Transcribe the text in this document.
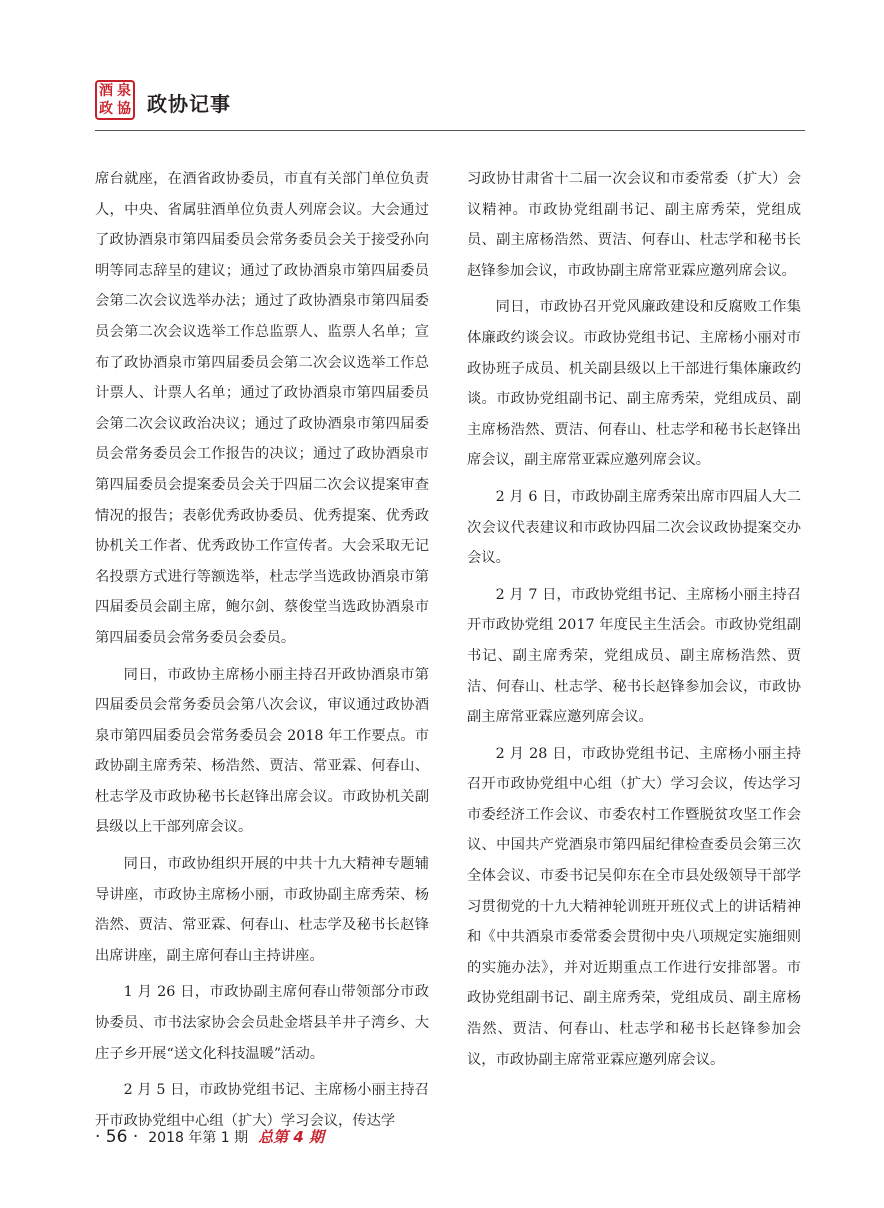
酒 泉
政 協 政协记事

席台就座，在酒省政协委员，市直有关部门单位负责人，中央、省属驻酒单位负责人列席会议。大会通过了政协酒泉市第四届委员会常务委员会关于接受孙向明等同志辞呈的建议；通过了政协酒泉市第四届委员会第二次会议选举办法；通过了政协酒泉市第四届委员会第二次会议选举工作总监票人、监票人名单；宣布了政协酒泉市第四届委员会第二次会议选举工作总计票人、计票人名单；通过了政协酒泉市第四届委员会第二次会议政治决议；通过了政协酒泉市第四届委员会常务委员会工作报告的决议；通过了政协酒泉市第四届委员会提案委员会关于四届二次会议提案审查情况的报告；表彰优秀政协委员、优秀提案、优秀政协机关工作者、优秀政协工作宣传者。大会采取无记名投票方式进行等额选举，杜志学当选政协酒泉市第四届委员会副主席，鲍尔剑、蔡俊堂当选政协酒泉市第四届委员会常务委员会委员。

同日，市政协主席杨小丽主持召开政协酒泉市第四届委员会常务委员会第八次会议，审议通过政协酒泉市第四届委员会常务委员会 2018 年工作要点。市政协副主席秀荣、杨浩然、贾洁、常亚霖、何春山、杜志学及市政协秘书长赵锋出席会议。市政协机关副县级以上干部列席会议。

同日，市政协组织开展的中共十九大精神专题辅导讲座，市政协主席杨小丽，市政协副主席秀荣、杨浩然、贾洁、常亚霖、何春山、杜志学及秘书长赵锋出席讲座，副主席何春山主持讲座。

1 月 26 日，市政协副主席何春山带领部分市政协委员、市书法家协会会员赴金塔县羊井子湾乡、大庄子乡开展“送文化科技温暖”活动。

2 月 5 日，市政协党组书记、主席杨小丽主持召开市政协党组中心组（扩大）学习会议，传达学

习政协甘肃省十二届一次会议和市委常委（扩大）会议精神。市政协党组副书记、副主席秀荣，党组成员、副主席杨浩然、贾洁、何春山、杜志学和秘书长赵锋参加会议，市政协副主席常亚霖应邀列席会议。

同日，市政协召开党风廉政建设和反腐败工作集体廉政约谈会议。市政协党组书记、主席杨小丽对市政协班子成员、机关副县级以上干部进行集体廉政约谈。市政协党组副书记、副主席秀荣，党组成员、副主席杨浩然、贾洁、何春山、杜志学和秘书长赵锋出席会议，副主席常亚霖应邀列席会议。

2 月 6 日，市政协副主席秀荣出席市四届人大二次会议代表建议和市政协四届二次会议政协提案交办会议。

2 月 7 日，市政协党组书记、主席杨小丽主持召开市政协党组 2017 年度民主生活会。市政协党组副书记、副主席秀荣，党组成员、副主席杨浩然、贾洁、何春山、杜志学、秘书长赵锋参加会议，市政协副主席常亚霖应邀列席会议。

2 月 28 日，市政协党组书记、主席杨小丽主持召开市政协党组中心组（扩大）学习会议，传达学习市委经济工作会议、市委农村工作暨脱贫攻坚工作会议、中国共产党酒泉市第四届纪律检查委员会第三次全体会议、市委书记吴仰东在全市县处级领导干部学习贯彻党的十九大精神轮训班开班仪式上的讲话精神和《中共酒泉市委常委会贯彻中央八项规定实施细则的实施办法》，并对近期重点工作进行安排部署。市政协党组副书记、副主席秀荣，党组成员、副主席杨浩然、贾洁、何春山、杜志学和秘书长赵锋参加会议，市政协副主席常亚霖应邀列席会议。

· 56 · 2018 年第 1 期 总第 4 期
